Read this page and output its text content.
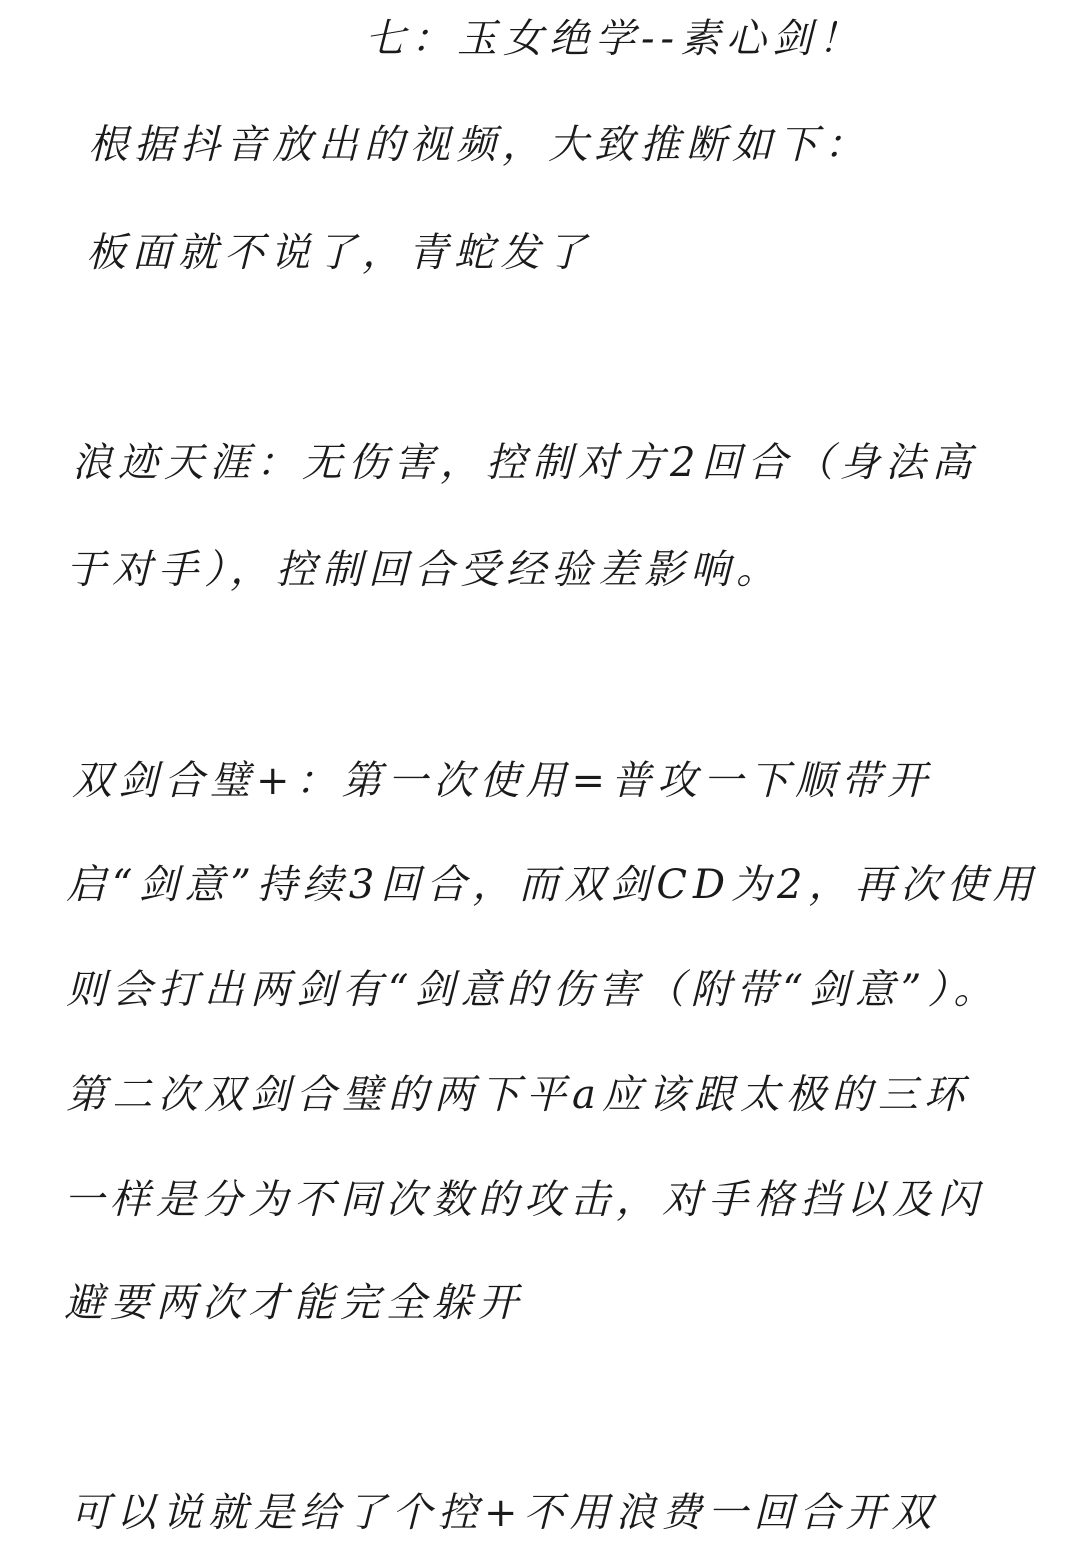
七：玉女绝学--素心剑！
根据抖音放出的视频，大致推断如下：
板面就不说了，青蛇发了
浪迹天涯：无伤害，控制对方2回合（身法高
于对手），控制回合受经验差影响。
双剑合璧+：第一次使用=普攻一下顺带开
启“剑意”持续3回合，而双剑CD为2，再次使用
则会打出两剑有“剑意的伤害（附带“剑意”）。
第二次双剑合璧的两下平a应该跟太极的三环
一样是分为不同次数的攻击，对手格挡以及闪
避要两次才能完全躲开
可以说就是给了个控+不用浪费一回合开双
